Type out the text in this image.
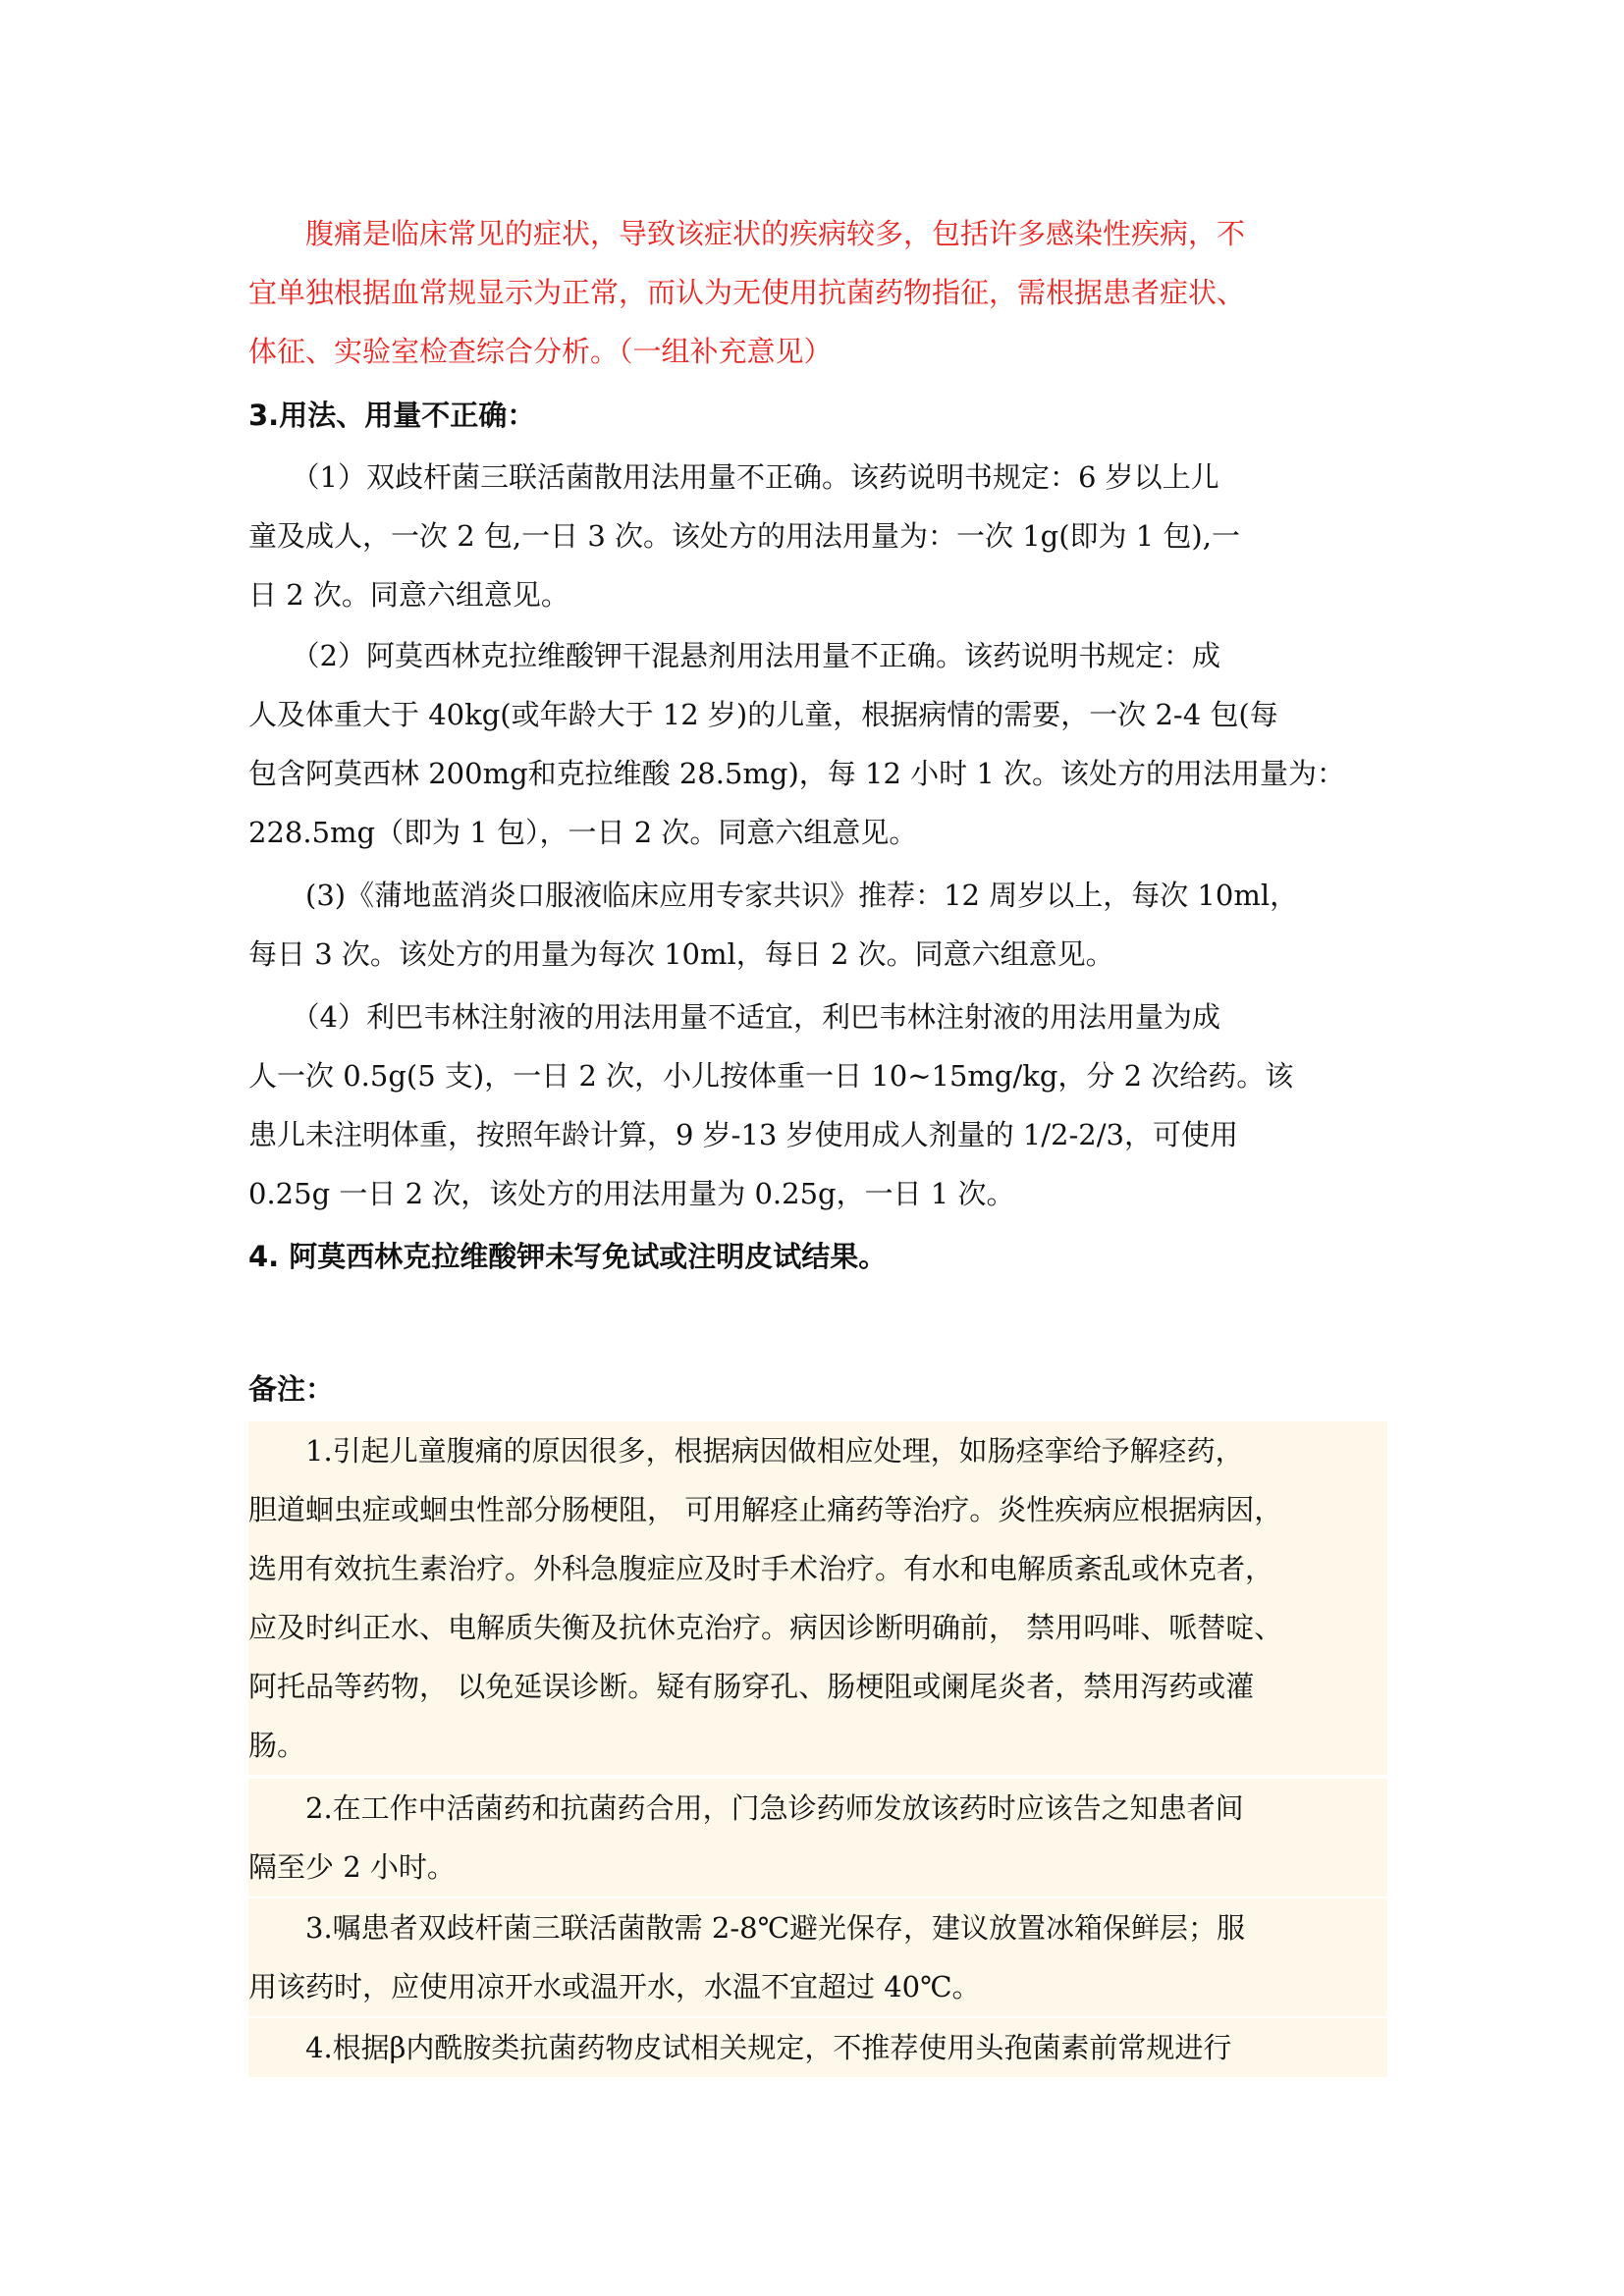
　　腹痛是临床常见的症状，导致该症状的疾病较多，包括许多感染性疾病，不
宜单独根据血常规显示为正常，而认为无使用抗菌药物指征，需根据患者症状、
体征、实验室检查综合分析。（一组补充意见）
3.用法、用量不正确：
　　（1）双歧杆菌三联活菌散用法用量不正确。该药说明书规定：6 岁以上儿
童及成人，一次 2 包,一日 3 次。该处方的用法用量为：一次 1g(即为 1 包),一
日 2 次。同意六组意见。
　　（2）阿莫西林克拉维酸钾干混悬剂用法用量不正确。该药说明书规定：成
人及体重大于 40kg(或年龄大于 12 岁)的儿童，根据病情的需要，一次 2-4 包(每
包含阿莫西林 200mg和克拉维酸 28.5mg)，每 12 小时 1 次。该处方的用法用量为：
228.5mg（即为 1 包），一日 2 次。同意六组意见。
　　(3)《蒲地蓝消炎口服液临床应用专家共识》推荐：12 周岁以上，每次 10ml，
每日 3 次。该处方的用量为每次 10ml，每日 2 次。同意六组意见。
　　（4）利巴韦林注射液的用法用量不适宜，利巴韦林注射液的用法用量为成
人一次 0.5g(5 支)，一日 2 次，小儿按体重一日 10~15mg/kg，分 2 次给药。该
患儿未注明体重，按照年龄计算，9 岁-13 岁使用成人剂量的 1/2-2/3，可使用
0.25g 一日 2 次，该处方的用法用量为 0.25g，一日 1 次。
4. 阿莫西林克拉维酸钾未写免试或注明皮试结果。
备注：
　　1.引起儿童腹痛的原因很多，根据病因做相应处理，如肠痉挛给予解痉药，
胆道蛔虫症或蛔虫性部分肠梗阻， 可用解痉止痛药等治疗。炎性疾病应根据病因，
选用有效抗生素治疗。外科急腹症应及时手术治疗。有水和电解质紊乱或休克者，
应及时纠正水、电解质失衡及抗休克治疗。病因诊断明确前， 禁用吗啡、哌替啶、
阿托品等药物， 以免延误诊断。疑有肠穿孔、肠梗阻或阑尾炎者，禁用泻药或灌
肠。
　　2.在工作中活菌药和抗菌药合用，门急诊药师发放该药时应该告之知患者间
隔至少 2 小时。
　　3.嘱患者双歧杆菌三联活菌散需 2-8℃避光保存，建议放置冰箱保鲜层；服
用该药时，应使用凉开水或温开水，水温不宜超过 40℃。
　　4.根据β内酰胺类抗菌药物皮试相关规定，不推荐使用头孢菌素前常规进行
